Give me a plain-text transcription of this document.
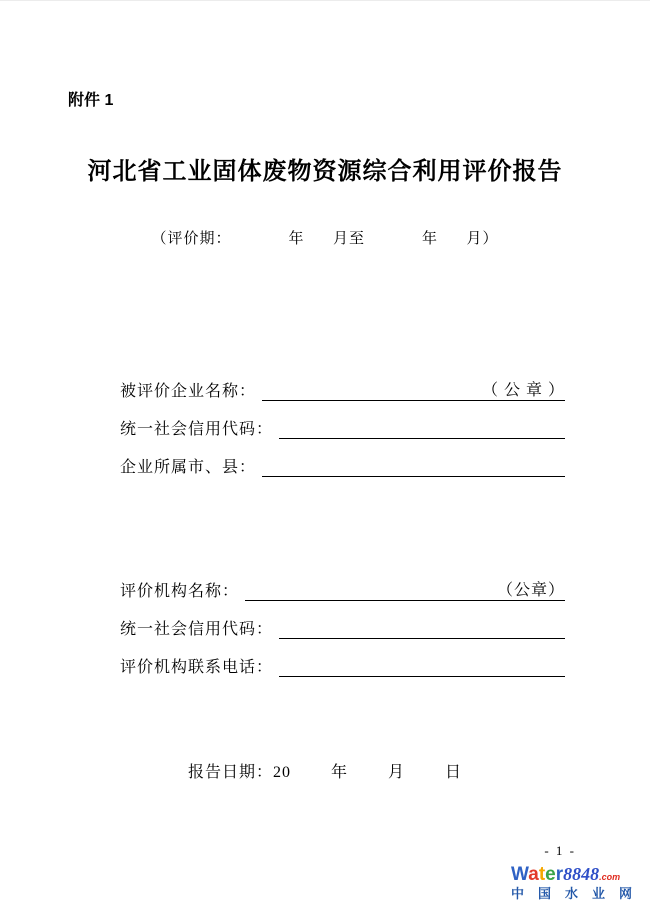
附件 1
河北省工业固体废物资源综合利用评价报告
（评价期：            年      月至            年      月）
被评价企业名称：	（ 公 章 ）
统一社会信用代码：
企业所属市、县：
评价机构名称：	（公章）
统一社会信用代码：
评价机构联系电话：
报告日期：20        年        月        日
- 1 -
Water8848.com
中国水业网
